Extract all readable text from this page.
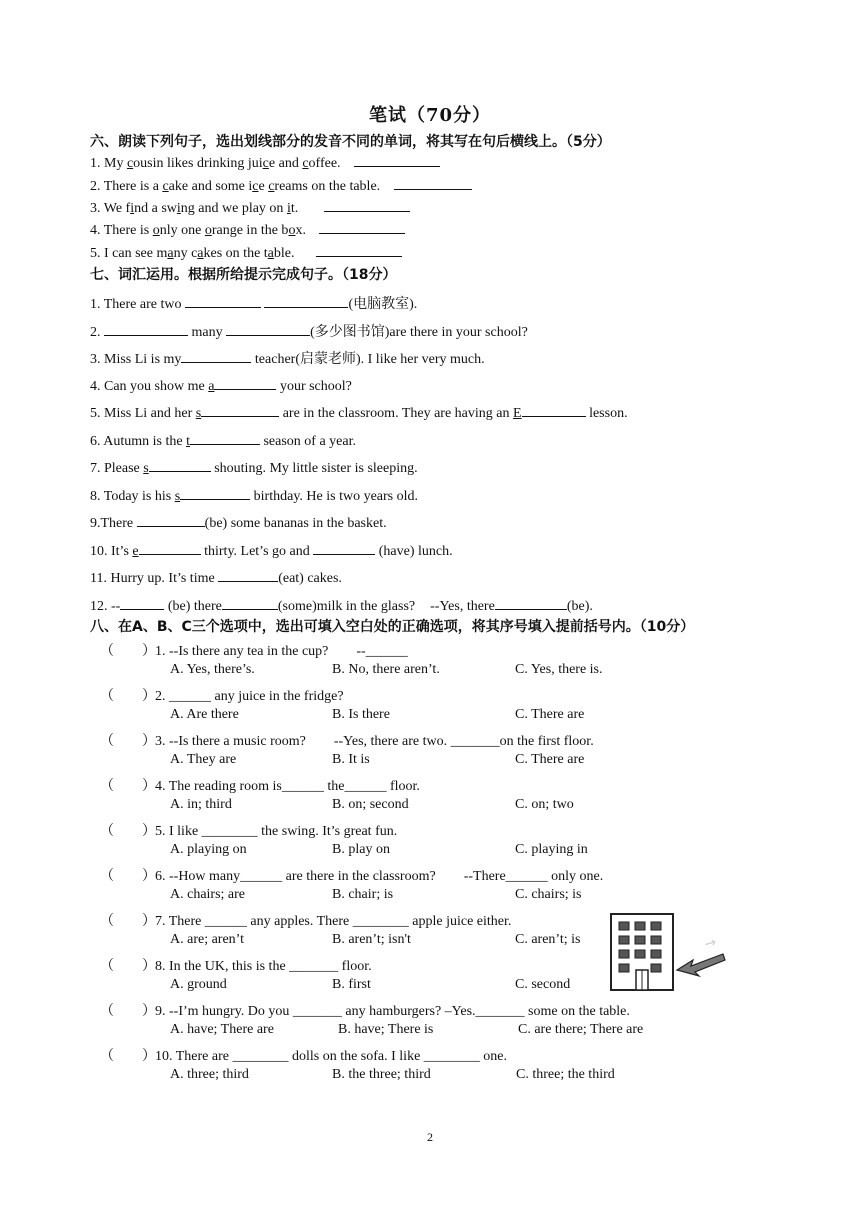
笔试（70分）
六、朗读下列句子，选出划线部分的发音不同的单词，将其写在句后横线上。（5分）
1. My cousin likes drinking juice and coffee.
2. There is a cake and some ice creams on the table.
3. We find a swing and we play on it.
4. There is only one orange in the box.
5. I can see many cakes on the table.
七、词汇运用。根据所给提示完成句子。（18分）
1. There are two	(电脑教室).
2.	many	(多少图书馆)are there in your school?
3. Miss Li is my	teacher(启蒙老师). I like her very much.
4. Can you show me a	your school?
5. Miss Li and her s	are in the classroom. They are having an E	lesson.
6. Autumn is the t	season of a year.
7. Please s	shouting. My little sister is sleeping.
8. Today is his s	birthday. He is two years old.
9.There	(be) some bananas in the basket.
10. It’s e	thirty. Let’s go and	(have) lunch.
11. Hurry up. It’s time	(eat) cakes.
12. --	(be) there	(some)milk in the glass? --Yes, there	(be).
八、在A、B、C三个选项中，选出可填入空白处的正确选项，将其序号填入提前括号内。（10分）
（　　）1. --Is there any tea in the cup?　　--______
A. Yes, there’s.	B. No, there aren’t.	C. Yes, there is.
（　　）2. ______ any juice in the fridge?
A. Are there	B. Is there	C. There are
（　　）3. --Is there a music room?　　--Yes, there are two. _______on the first floor.
A. They are	B. It is	C. There are
（　　）4. The reading room is______ the______ floor.
A. in; third	B. on; second	C. on; two
（　　）5. I like ________ the swing. It’s great fun.
A. playing on	B. play on	C. playing in
（　　）6. --How many______ are there in the classroom?　　--There______ only one.
A. chairs; are	B. chair; is	C. chairs; is
（　　）7. There ______ any apples. There ________ apple juice either.
A. are; aren’t	B. aren’t; isn't	C. aren’t; is
（　　）8. In the UK, this is the _______ floor.
A. ground	B. first	C. second
（　　）9. --I’m hungry. Do you _______ any hamburgers? –Yes._______ some on the table.
A. have; There are	B. have; There is	C. are there; There are
（　　）10. There are ________ dolls on the sofa. I like ________ one.
A. three; third	B. the three; third	C. three; the third
↗
2
